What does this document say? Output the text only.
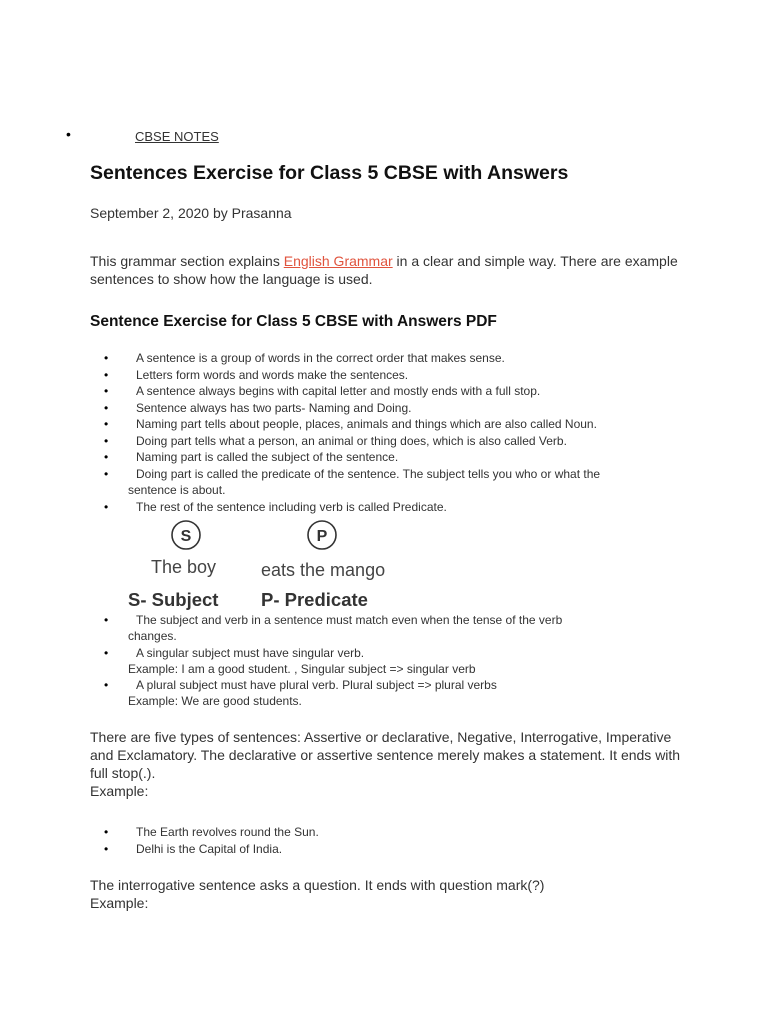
•	CBSE NOTES
Sentences Exercise for Class 5 CBSE with Answers
September 2, 2020 by Prasanna

This grammar section explains English Grammar in a clear and simple way. There are example sentences to show how the language is used.

Sentence Exercise for Class 5 CBSE with Answers PDF
•	A sentence is a group of words in the correct order that makes sense.
•	Letters form words and words make the sentences.
•	A sentence always begins with capital letter and mostly ends with a full stop.
•	Sentence always has two parts- Naming and Doing.
•	Naming part tells about people, places, animals and things which are also called Noun.
•	Doing part tells what a person, an animal or thing does, which is also called Verb.
•	Naming part is called the subject of the sentence.
•	Doing part is called the predicate of the sentence. The subject tells you who or what the
sentence is about.
•	The rest of the sentence including verb is called Predicate.
S	P
The boy eats the mango
S- Subject P- Predicate
•	The subject and verb in a sentence must match even when the tense of the verb
changes.
•	A singular subject must have singular verb.
Example: I am a good student. , Singular subject => singular verb
•	A plural subject must have plural verb. Plural subject => plural verbs
Example: We are good students.

There are five types of sentences: Assertive or declarative, Negative, Interrogative, Imperative and Exclamatory. The declarative or assertive sentence merely makes a statement. It ends with full stop(.).
Example:

•	The Earth revolves round the Sun.
•	Delhi is the Capital of India.

The interrogative sentence asks a question. It ends with question mark(?)
Example:
